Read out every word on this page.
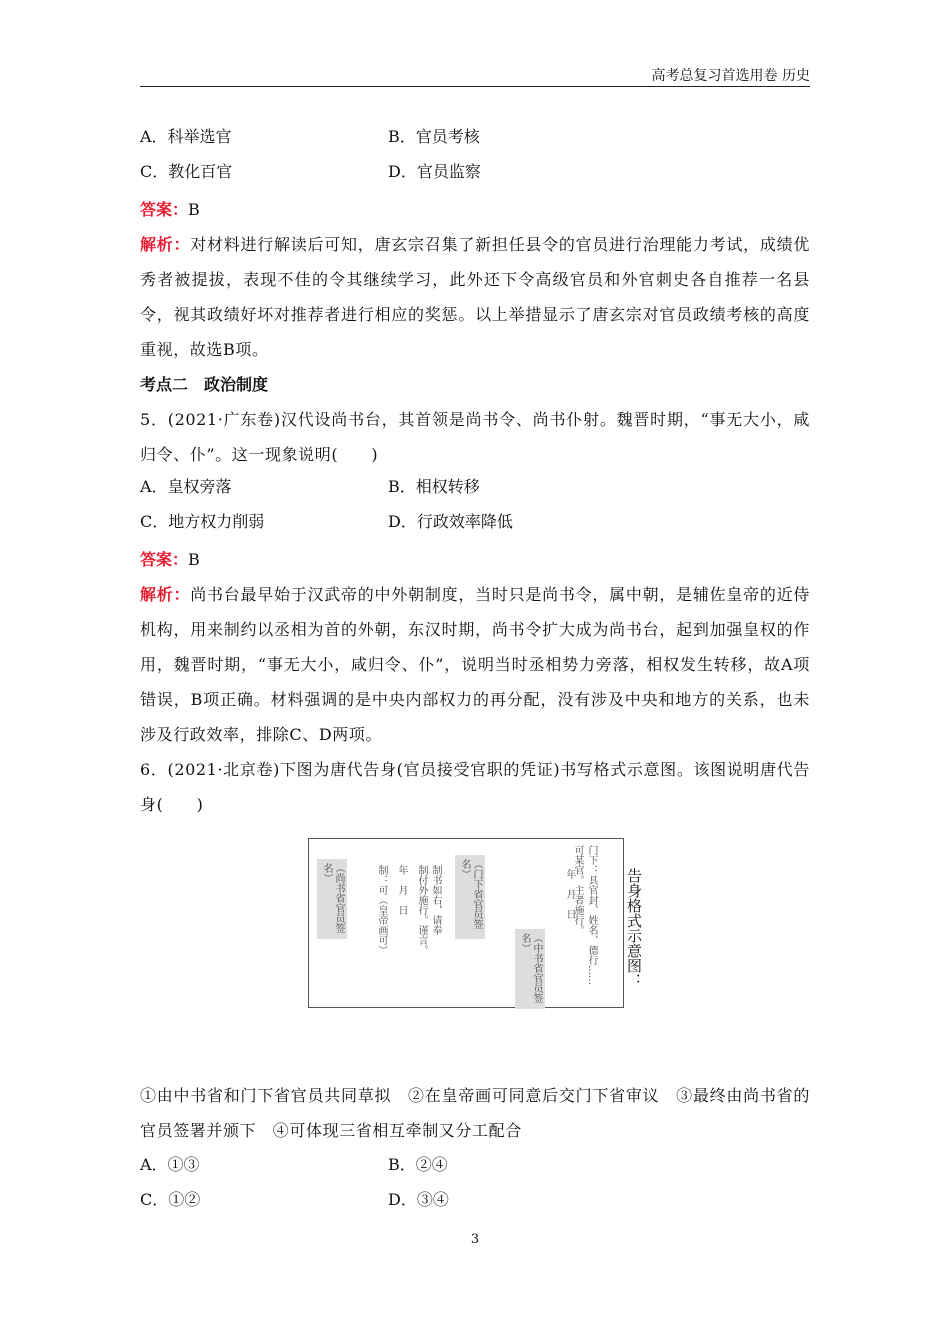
高考总复习首选用卷 历史
A．科举选官	B．官员考核
C．教化百官	D．官员监察
答案：B
解析：对材料进行解读后可知，唐玄宗召集了新担任县令的官员进行治理能力考试，成绩优秀者被提拔，表现不佳的令其继续学习，此外还下令高级官员和外官刺史各自推荐一名县令，视其政绩好坏对推荐者进行相应的奖惩。以上举措显示了唐玄宗对官员政绩考核的高度重视，故选B项。
考点二　政治制度
5．(2021·广东卷)汉代设尚书台，其首领是尚书令、尚书仆射。魏晋时期，“事无大小，咸归令、仆”。这一现象说明(　　)
A．皇权旁落	B．相权转移
C．地方权力削弱	D．行政效率降低
答案：B
解析：尚书台最早始于汉武帝的中外朝制度，当时只是尚书令，属中朝，是辅佐皇帝的近侍机构，用来制约以丞相为首的外朝，东汉时期，尚书令扩大成为尚书台，起到加强皇权的作用，魏晋时期，“事无大小，咸归令、仆”，说明当时丞相势力旁落，相权发生转移，故A项错误，B项正确。材料强调的是中央内部权力的再分配，没有涉及中央和地方的关系，也未涉及行政效率，排除C、D两项。
6．(2021·北京卷)下图为唐代告身(官员接受官职的凭证)书写格式示意图。该图说明唐代告身(　　)
门下：具官封、姓名、德行……
可某官。主者施行。
年　月　日
（中书省官员签名）
（门下省官员签名）
制书如右，请奉
制付外施行。谨言。
年　月　日
制：可（皇帝画可）
（尚书省官员签名）	告身格式示意图：
①由中书省和门下省官员共同草拟　②在皇帝画可同意后交门下省审议　③最终由尚书省的官员签署并颁下　④可体现三省相互牵制又分工配合
A．①③	B．②④
C．①②	D．③④
3
